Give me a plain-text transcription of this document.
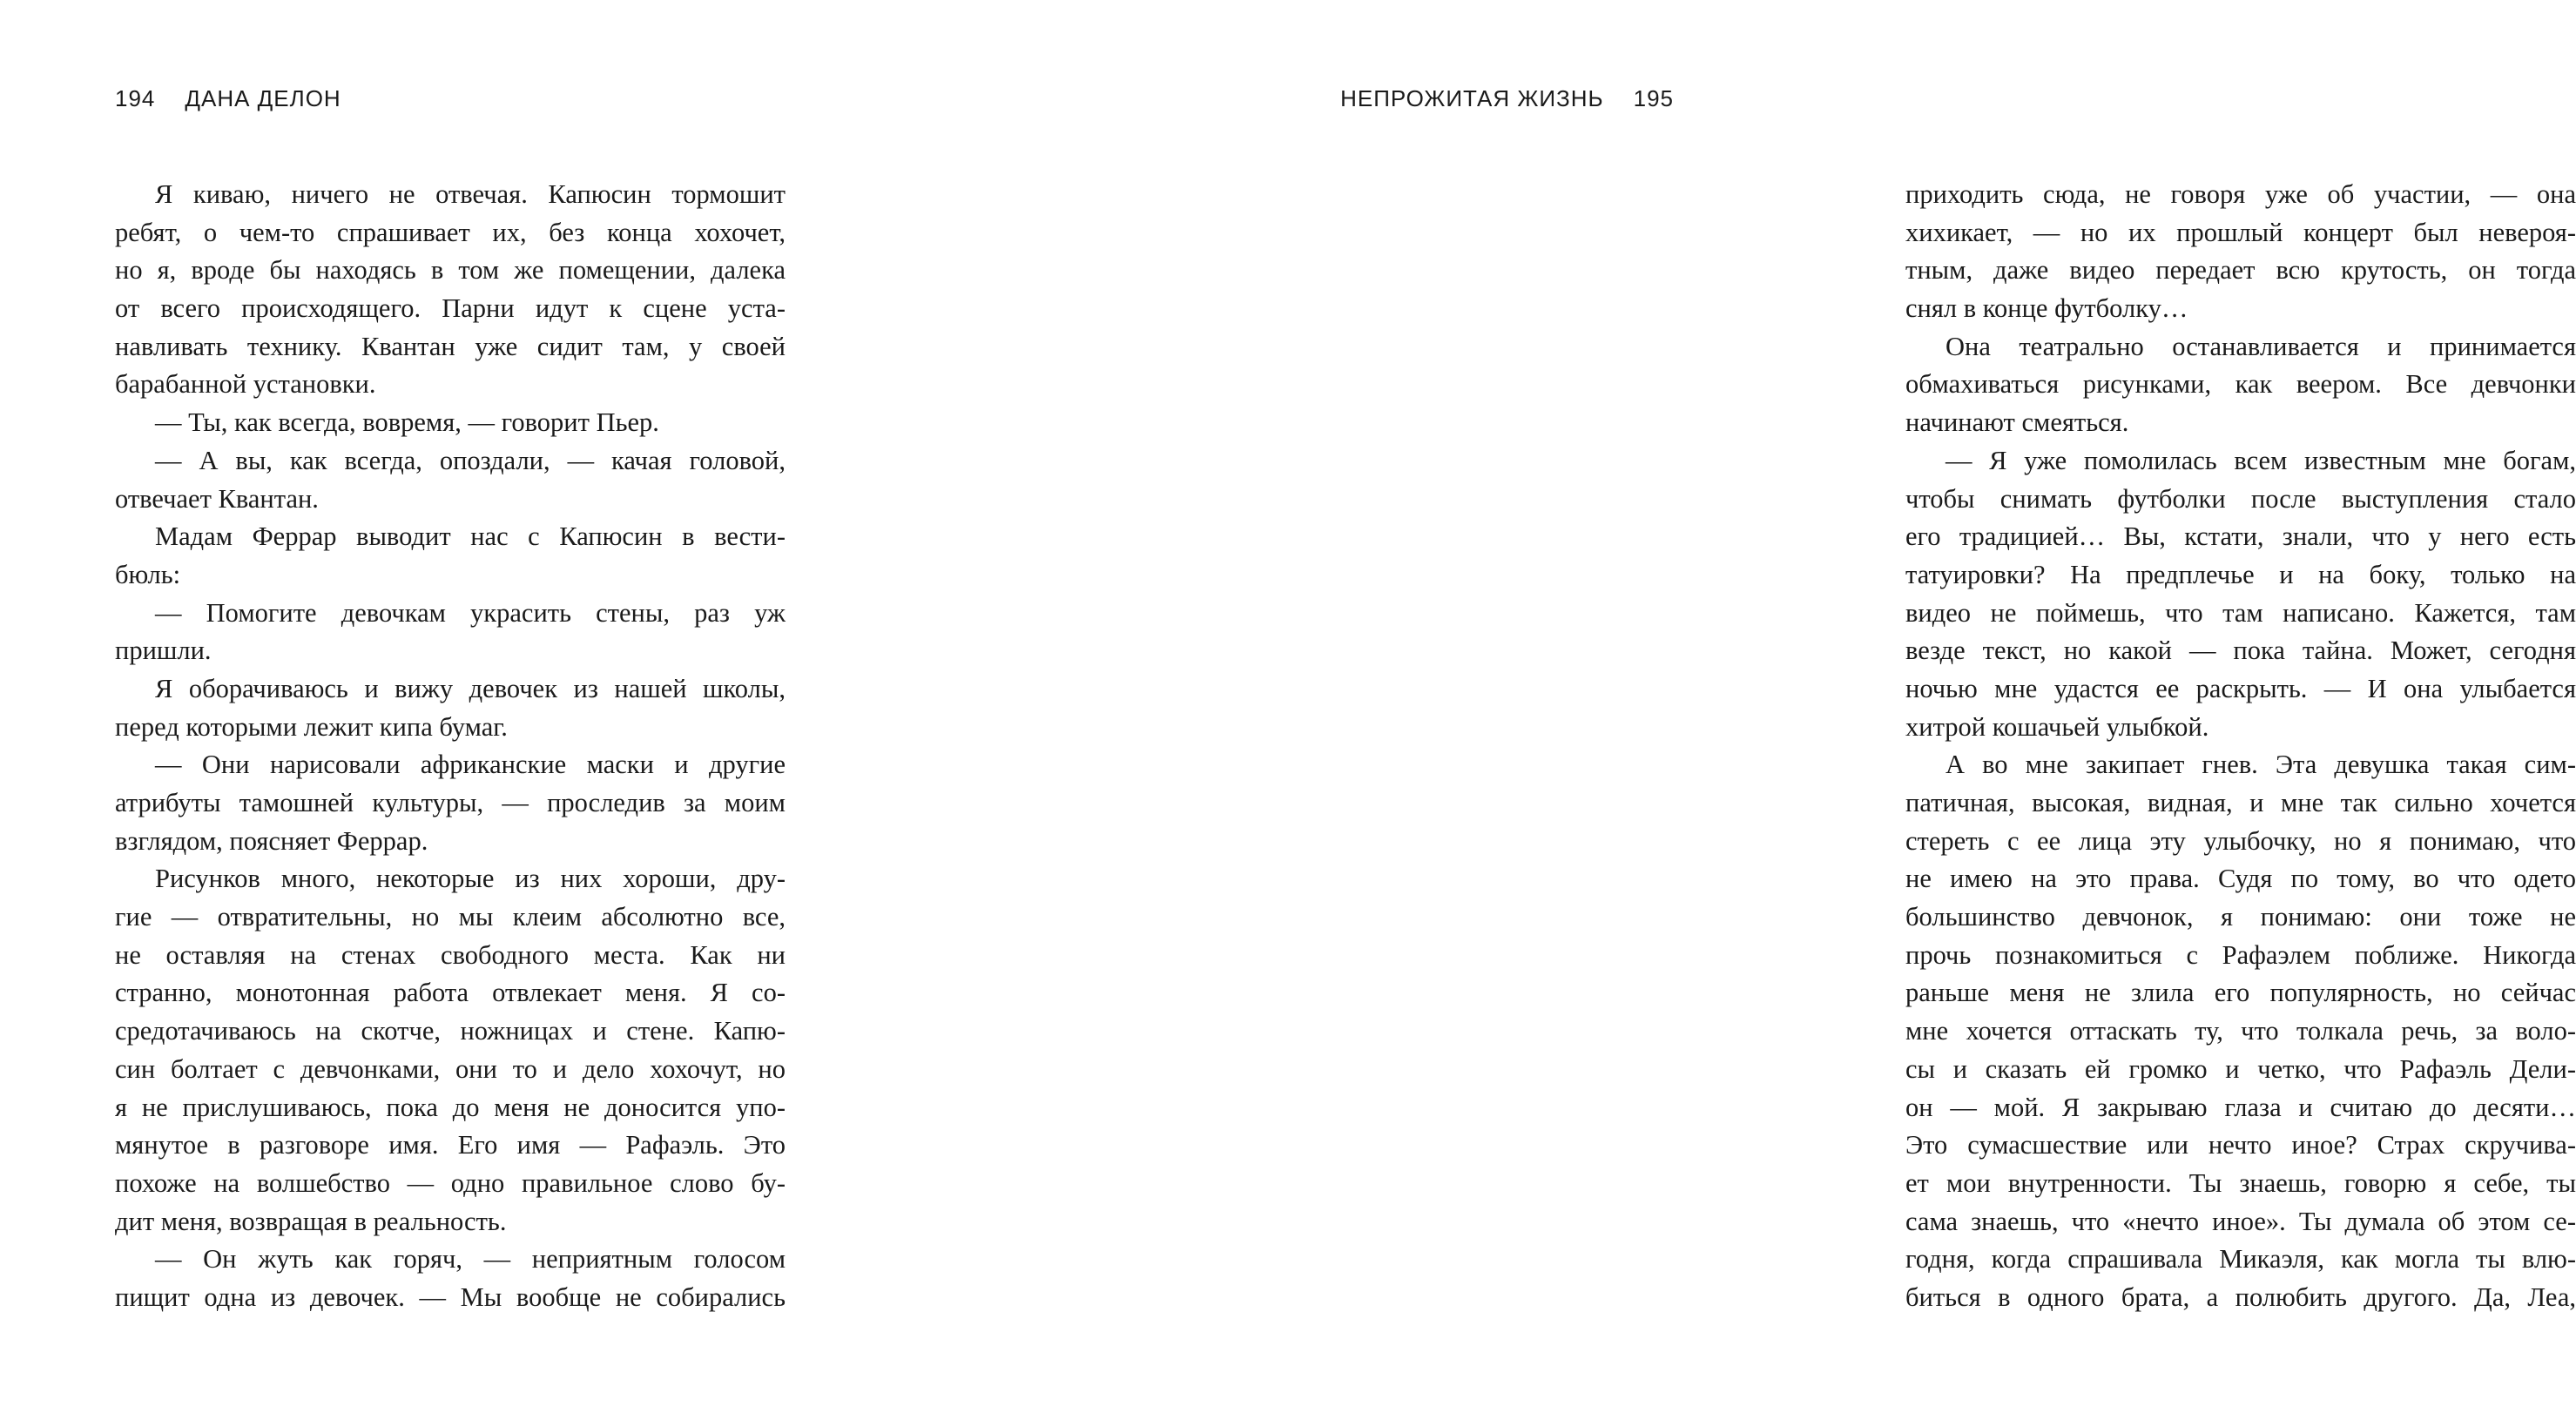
194 ДАНА ДЕЛОН
Я киваю, ничего не отвечая. Капюсин тормошит
ребят, о чем-то спрашивает их, без конца хохочет,
но я, вроде бы находясь в том же помещении, далека
от всего происходящего. Парни идут к сцене уста-
навливать технику. Квантан уже сидит там, у своей
барабанной установки.
— Ты, как всегда, вовремя, — говорит Пьер.
— А вы, как всегда, опоздали, — качая головой,
отвечает Квантан.
Мадам Феррар выводит нас с Капюсин в вести-
бюль:
— Помогите девочкам украсить стены, раз уж
пришли.
Я оборачиваюсь и вижу девочек из нашей школы,
перед которыми лежит кипа бумаг.
— Они нарисовали африканские маски и другие
атрибуты тамошней культуры, — проследив за моим
взглядом, поясняет Феррар.
Рисунков много, некоторые из них хороши, дру-
гие — отвратительны, но мы клеим абсолютно все,
не оставляя на стенах свободного места. Как ни
странно, монотонная работа отвлекает меня. Я со-
средотачиваюсь на скотче, ножницах и стене. Капю-
син болтает с девчонками, они то и дело хохочут, но
я не прислушиваюсь, пока до меня не доносится упо-
мянутое в разговоре имя. Его имя — Рафаэль. Это
похоже на волшебство — одно правильное слово бу-
дит меня, возвращая в реальность.
— Он жуть как горяч, — неприятным голосом
пищит одна из девочек. — Мы вообще не собирались
НЕПРОЖИТАЯ ЖИЗНЬ 195
приходить сюда, не говоря уже об участии, — она
хихикает, — но их прошлый концерт был невероя-
тным, даже видео передает всю крутость, он тогда
снял в конце футболку…
Она театрально останавливается и принимается
обмахиваться рисунками, как веером. Все девчонки
начинают смеяться.
— Я уже помолилась всем известным мне богам,
чтобы снимать футболки после выступления стало
его традицией… Вы, кстати, знали, что у него есть
татуировки? На предплечье и на боку, только на
видео не поймешь, что там написано. Кажется, там
везде текст, но какой — пока тайна. Может, сегодня
ночью мне удастся ее раскрыть. — И она улыбается
хитрой кошачьей улыбкой.
А во мне закипает гнев. Эта девушка такая сим-
патичная, высокая, видная, и мне так сильно хочется
стереть с ее лица эту улыбочку, но я понимаю, что
не имею на это права. Судя по тому, во что одето
большинство девчонок, я понимаю: они тоже не
прочь познакомиться с Рафаэлем поближе. Никогда
раньше меня не злила его популярность, но сейчас
мне хочется оттаскать ту, что толкала речь, за воло-
сы и сказать ей громко и четко, что Рафаэль Дели-
он — мой. Я закрываю глаза и считаю до десяти…
Это сумасшествие или нечто иное? Страх скручива-
ет мои внутренности. Ты знаешь, говорю я себе, ты
сама знаешь, что «нечто иное». Ты думала об этом се-
годня, когда спрашивала Микаэля, как могла ты влю-
биться в одного брата, а полюбить другого. Да, Леа,
